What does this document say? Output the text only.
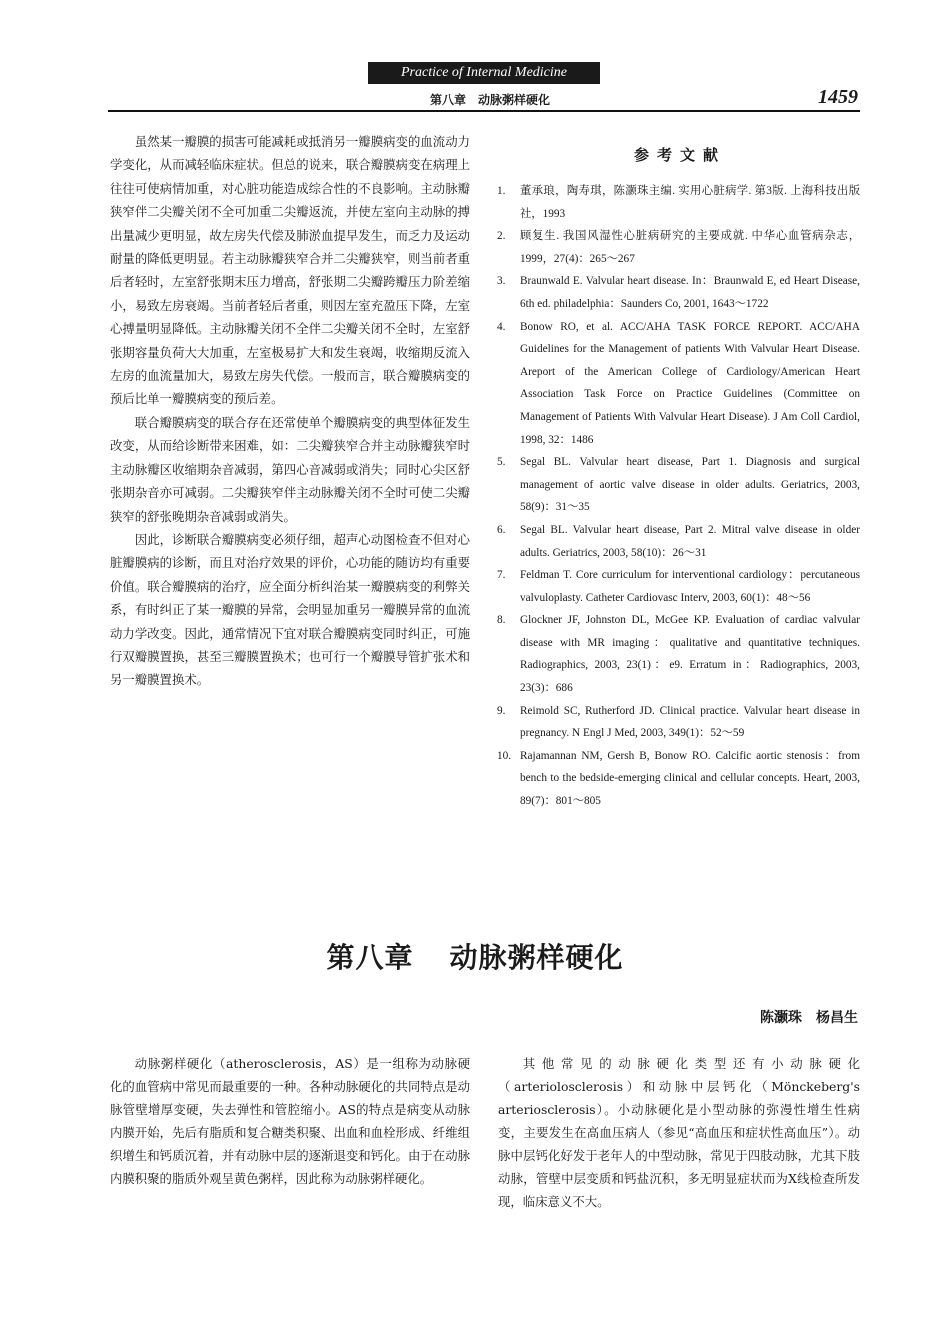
Practice of Internal Medicine
第八章　动脉粥样硬化	1459

虽然某一瓣膜的损害可能减耗或抵消另一瓣膜病变的血流动力学变化，从而减轻临床症状。但总的说来，联合瓣膜病变在病理上往往可使病情加重，对心脏功能造成综合性的不良影响。主动脉瓣狭窄伴二尖瓣关闭不全可加重二尖瓣返流，并使左室向主动脉的搏出量减少更明显，故左房失代偿及肺淤血提早发生，而乏力及运动耐量的降低更明显。若主动脉瓣狭窄合并二尖瓣狭窄，则当前者重后者轻时，左室舒张期末压力增高，舒张期二尖瓣跨瓣压力阶差缩小，易致左房衰竭。当前者轻后者重，则因左室充盈压下降，左室心搏量明显降低。主动脉瓣关闭不全伴二尖瓣关闭不全时，左室舒张期容量负荷大大加重，左室极易扩大和发生衰竭，收缩期反流入左房的血流量加大，易致左房失代偿。一般而言，联合瓣膜病变的预后比单一瓣膜病变的预后差。

联合瓣膜病变的联合存在还常使单个瓣膜病变的典型体征发生改变，从而给诊断带来困难，如：二尖瓣狭窄合并主动脉瓣狭窄时主动脉瓣区收缩期杂音减弱，第四心音减弱或消失；同时心尖区舒张期杂音亦可减弱。二尖瓣狭窄伴主动脉瓣关闭不全时可使二尖瓣狭窄的舒张晚期杂音减弱或消失。

因此，诊断联合瓣膜病变必须仔细，超声心动图检查不但对心脏瓣膜病的诊断，而且对治疗效果的评价，心功能的随访均有重要价值。联合瓣膜病的治疗，应全面分析纠治某一瓣膜病变的利弊关系，有时纠正了某一瓣膜的异常，会明显加重另一瓣膜异常的血流动力学改变。因此，通常情况下宜对联合瓣膜病变同时纠正，可施行双瓣膜置换，甚至三瓣膜置换术；也可行一个瓣膜导管扩张术和另一瓣膜置换术。

参考文献
1. 董承琅，陶寿琪，陈灏珠主编. 实用心脏病学. 第3版. 上海科技出版社，1993
2. 顾复生. 我国风湿性心脏病研究的主要成就. 中华心血管病杂志，1999，27(4)：265～267
3. Braunwald E. Valvular heart disease. In：Braunwald E, ed Heart Disease, 6th ed. philadelphia：Saunders Co, 2001, 1643～1722
4. Bonow RO, et al. ACC/AHA TASK FORCE REPORT. ACC/AHA Guidelines for the Management of patients With Valvular Heart Disease. Areport of the American College of Cardiology/American Heart Association Task Force on Practice Guidelines (Committee on Management of Patients With Valvular Heart Disease). J Am Coll Cardiol, 1998, 32：1486
5. Segal BL. Valvular heart disease, Part 1. Diagnosis and surgical management of aortic valve disease in older adults. Geriatrics, 2003, 58(9)：31～35
6. Segal BL. Valvular heart disease, Part 2. Mitral valve disease in older adults. Geriatrics, 2003, 58(10)：26～31
7. Feldman T. Core curriculum for interventional cardiology：percutaneous valvuloplasty. Catheter Cardiovasc Interv, 2003, 60(1)：48～56
8. Glockner JF, Johnston DL, McGee KP. Evaluation of cardiac valvular disease with MR imaging：qualitative and quantitative techniques. Radiographics, 2003, 23(1)：e9. Erratum in：Radiographics, 2003, 23(3)：686
9. Reimold SC, Rutherford JD. Clinical practice. Valvular heart disease in pregnancy. N Engl J Med, 2003, 349(1)：52～59
10. Rajamannan NM, Gersh B, Bonow RO. Calcific aortic stenosis：from bench to the bedside-emerging clinical and cellular concepts. Heart, 2003, 89(7)：801～805
第八章 动脉粥样硬化
陈灏珠 杨昌生

动脉粥样硬化（atherosclerosis，AS）是一组称为动脉硬化的血管病中常见而最重要的一种。各种动脉硬化的共同特点是动脉管壁增厚变硬，失去弹性和管腔缩小。AS的特点是病变从动脉内膜开始，先后有脂质和复合糖类积聚、出血和血栓形成、纤维组织增生和钙质沉着，并有动脉中层的逐渐退变和钙化。由于在动脉内膜积聚的脂质外观呈黄色粥样，因此称为动脉粥样硬化。

其他常见的动脉硬化类型还有小动脉硬化（arteriolosclerosis）和动脉中层钙化（Mönckeberg's arteriosclerosis）。小动脉硬化是小型动脉的弥漫性增生性病变，主要发生在高血压病人（参见“高血压和症状性高血压”）。动脉中层钙化好发于老年人的中型动脉，常见于四肢动脉，尤其下肢动脉，管壁中层变质和钙盐沉积，多无明显症状而为X线检查所发现，临床意义不大。
